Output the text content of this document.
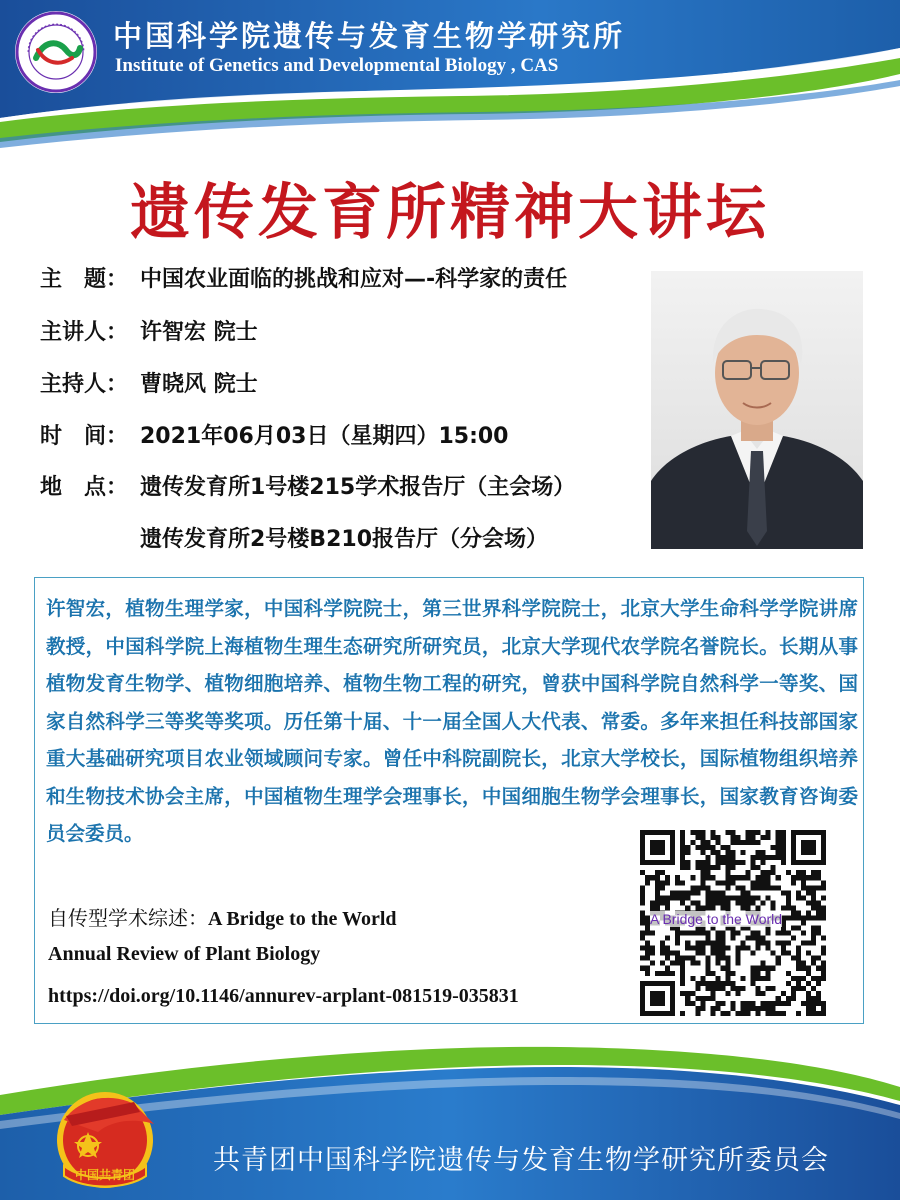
中国科学院遗传与发育生物学研究所
Institute of Genetics and Developmental Biology , CAS
遗传发育所精神大讲坛
主　题： 中国农业面临的挑战和应对—-科学家的责任
主讲人： 许智宏 院士
主持人： 曹晓风 院士
时　间： 2021年06月03日（星期四）15:00
地　点： 遗传发育所1号楼215学术报告厅（主会场）
遗传发育所2号楼B210报告厅（分会场）
许智宏，植物生理学家，中国科学院院士，第三世界科学院院士，北京大学生命科学学院讲席教授，中国科学院上海植物生理生态研究所研究员，北京大学现代农学院名誉院长。长期从事植物发育生物学、植物细胞培养、植物生物工程的研究，曾获中国科学院自然科学一等奖、国家自然科学三等奖等奖项。历任第十届、十一届全国人大代表、常委。多年来担任科技部国家重大基础研究项目农业领域顾问专家。曾任中科院副院长，北京大学校长，国际植物组织培养和生物技术协会主席，中国植物生理学会理事长，中国细胞生物学会理事长，国家教育咨询委员会委员。
自传型学术综述：A Bridge to the World
Annual Review of Plant Biology
https://doi.org/10.1146/annurev-arplant-081519-035831
A Bridge to the World
中国共青团	共青团中国科学院遗传与发育生物学研究所委员会
